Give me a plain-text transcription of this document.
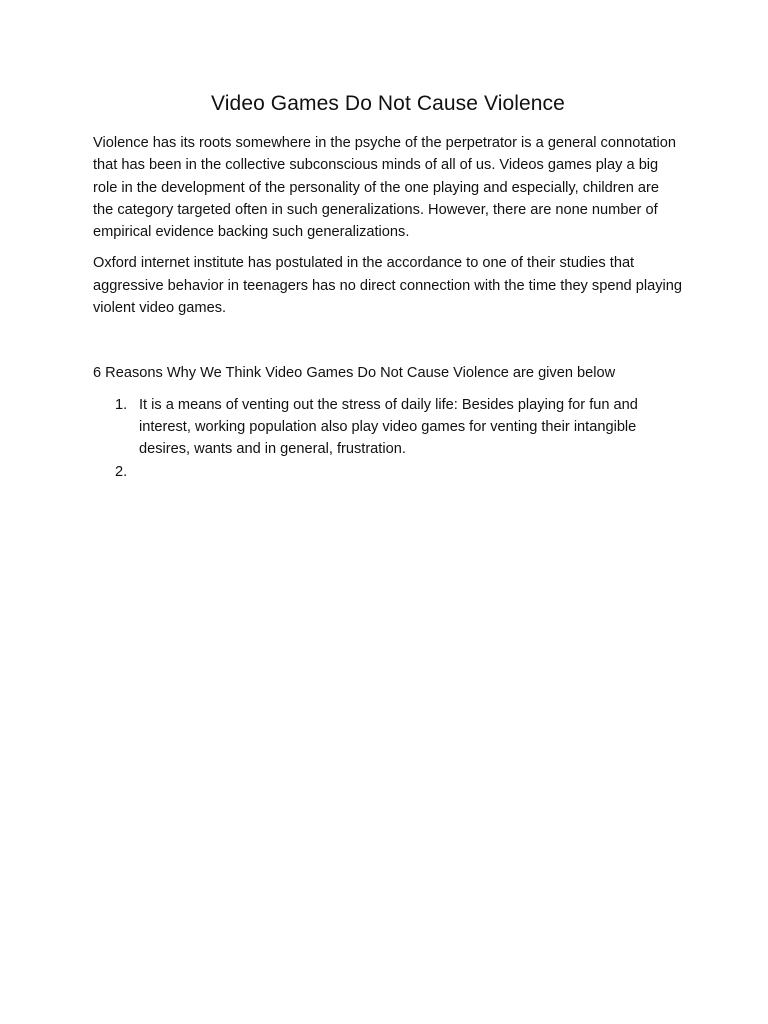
Video Games Do Not Cause Violence

Violence has its roots somewhere in the psyche of the perpetrator is a general connotation that has been in the collective subconscious minds of all of us. Videos games play a big role in the development of the personality of the one playing and especially, children are the category targeted often in such generalizations. However, there are none number of empirical evidence backing such generalizations.

Oxford internet institute has postulated in the accordance to one of their studies that aggressive behavior in teenagers has no direct connection with the time they spend playing violent video games.

6 Reasons Why We Think Video Games Do Not Cause Violence are given below

1. It is a means of venting out the stress of daily life: Besides playing for fun and interest, working population also play video games for venting their intangible desires, wants and in general, frustration.
2.
